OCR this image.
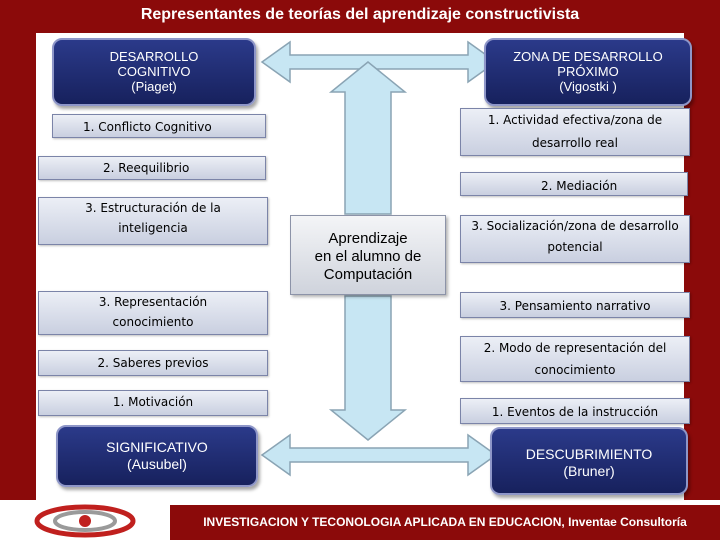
Representantes de teorías del aprendizaje constructivista
DESARROLLO
COGNITIVO
(Piaget)
ZONA DE DESARROLLO
PRÓXIMO
(Vigostki )
1. Conflicto Cognitivo
2. Reequilibrio
3. Estructuración de la
inteligencia
3. Representación
conocimiento
2. Saberes previos
1. Motivación
1. Actividad efectiva/zona de
desarrollo real
2. Mediación
3. Socialización/zona de desarrollo
potencial
3. Pensamiento narrativo
2. Modo de representación del
conocimiento
1. Eventos de la instrucción
Aprendizaje
en el alumno de
Computación
SIGNIFICATIVO
(Ausubel)
DESCUBRIMIENTO
(Bruner)
INVESTIGACION Y TECONOLOGIA APLICADA EN EDUCACION, Inventae Consultoría
